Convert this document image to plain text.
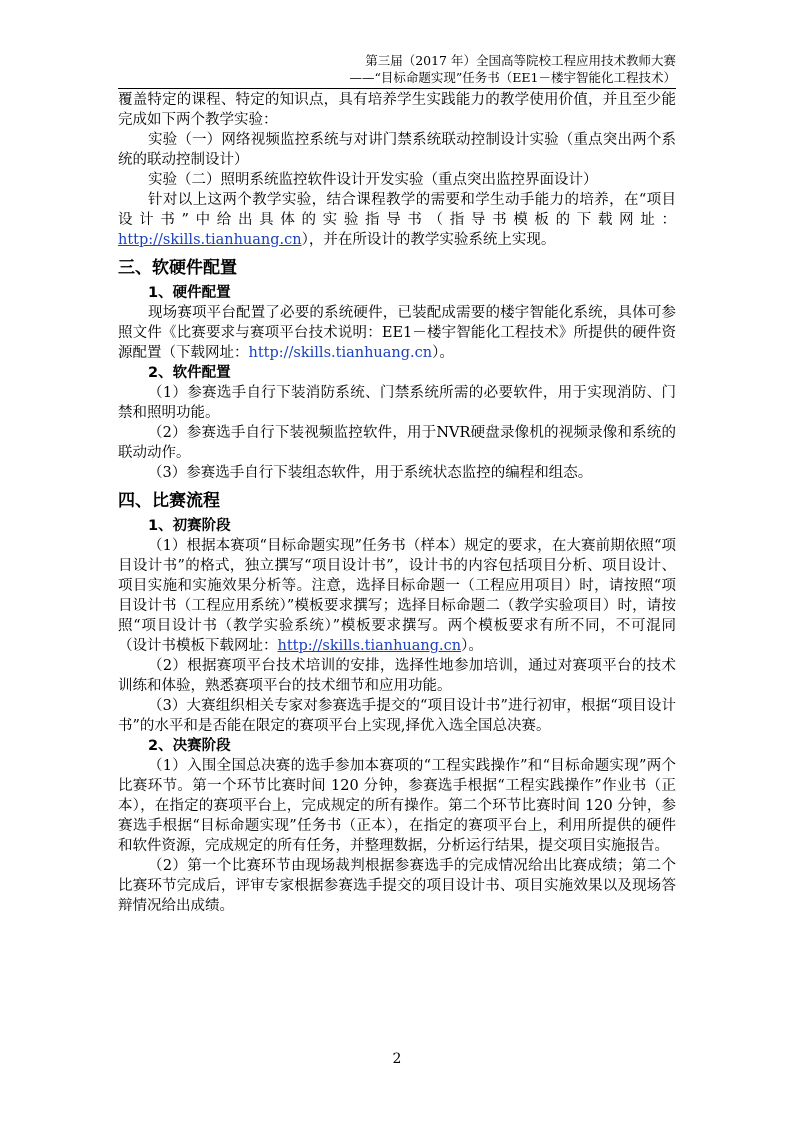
第三届（2017 年）全国高等院校工程应用技术教师大赛
——“目标命题实现”任务书（EE1－楼宇智能化工程技术）

覆盖特定的课程、特定的知识点，具有培养学生实践能力的教学使用价值，并且至少能完成如下两个教学实验：

实验（一）网络视频监控系统与对讲门禁系统联动控制设计实验（重点突出两个系统的联动控制设计）

实验（二）照明系统监控软件设计开发实验（重点突出监控界面设计）

针对以上这两个教学实验，结合课程教学的需要和学生动手能力的培养，在“项目设计书”中给出具体的实验指导书（指导书模板的下载网址：http://skills.tianhuang.cn），并在所设计的教学实验系统上实现。

三、软硬件配置

1、硬件配置

现场赛项平台配置了必要的系统硬件，已装配成需要的楼宇智能化系统，具体可参照文件《比赛要求与赛项平台技术说明：EE1－楼宇智能化工程技术》所提供的硬件资源配置（下载网址：http://skills.tianhuang.cn）。

2、软件配置

（1）参赛选手自行下装消防系统、门禁系统所需的必要软件，用于实现消防、门禁和照明功能。

（2）参赛选手自行下装视频监控软件，用于NVR硬盘录像机的视频录像和系统的联动动作。

（3）参赛选手自行下装组态软件，用于系统状态监控的编程和组态。

四、比赛流程

1、初赛阶段

（1）根据本赛项“目标命题实现”任务书（样本）规定的要求，在大赛前期依照“项目设计书”的格式，独立撰写“项目设计书”，设计书的内容包括项目分析、项目设计、项目实施和实施效果分析等。注意，选择目标命题一（工程应用项目）时，请按照“项目设计书（工程应用系统）”模板要求撰写；选择目标命题二（教学实验项目）时，请按照“项目设计书（教学实验系统）”模板要求撰写。两个模板要求有所不同，不可混同（设计书模板下载网址：http://skills.tianhuang.cn）。

（2）根据赛项平台技术培训的安排，选择性地参加培训，通过对赛项平台的技术训练和体验，熟悉赛项平台的技术细节和应用功能。

（3）大赛组织相关专家对参赛选手提交的“项目设计书”进行初审，根据“项目设计书”的水平和是否能在限定的赛项平台上实现,择优入选全国总决赛。

2、决赛阶段

（1）入围全国总决赛的选手参加本赛项的“工程实践操作”和“目标命题实现”两个比赛环节。第一个环节比赛时间 120 分钟，参赛选手根据“工程实践操作”作业书（正本），在指定的赛项平台上，完成规定的所有操作。第二个环节比赛时间 120 分钟，参赛选手根据“目标命题实现”任务书（正本），在指定的赛项平台上，利用所提供的硬件和软件资源，完成规定的所有任务，并整理数据，分析运行结果，提交项目实施报告。

（2）第一个比赛环节由现场裁判根据参赛选手的完成情况给出比赛成绩；第二个比赛环节完成后，评审专家根据参赛选手提交的项目设计书、项目实施效果以及现场答辩情况给出成绩。

2
